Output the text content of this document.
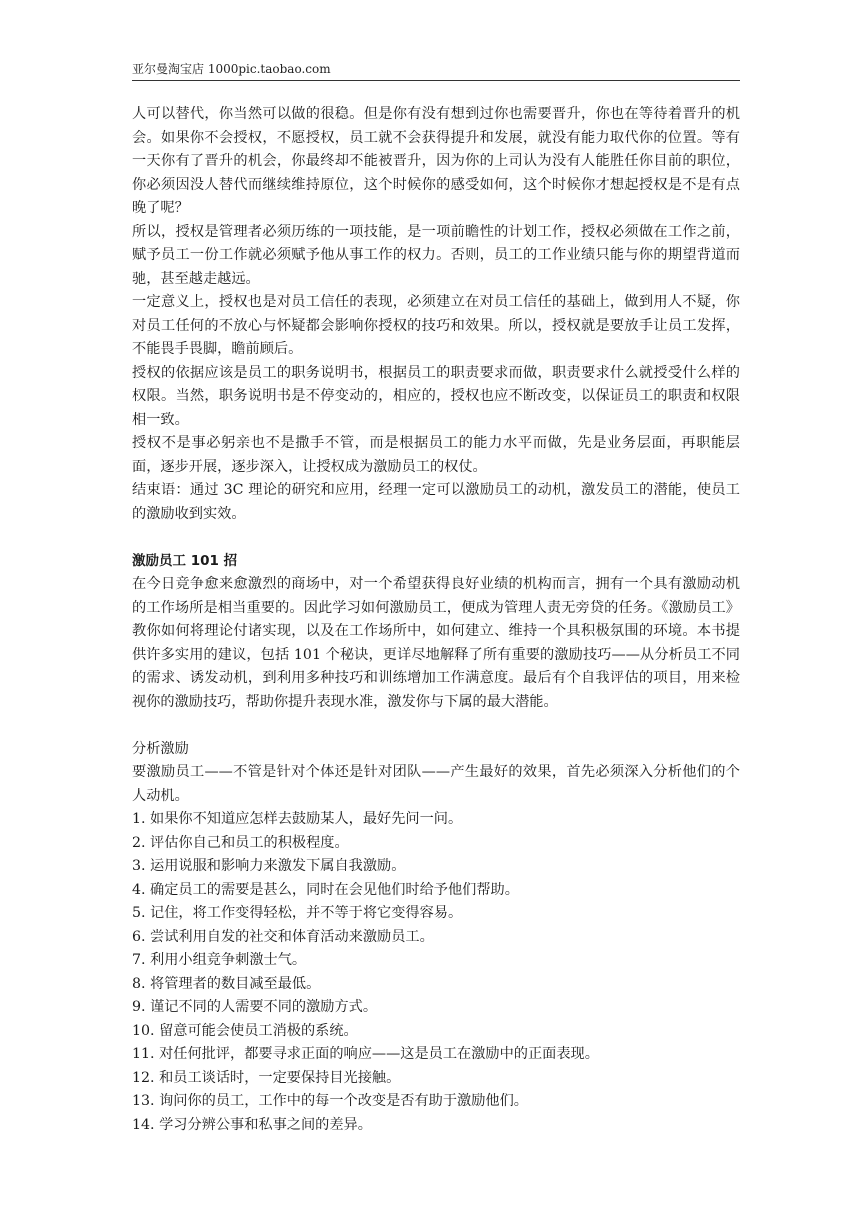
亚尔曼淘宝店 1000pic.taobao.com

人可以替代，你当然可以做的很稳。但是你有没有想到过你也需要晋升，你也在等待着晋升的机会。如果你不会授权，不愿授权，员工就不会获得提升和发展，就没有能力取代你的位置。等有一天你有了晋升的机会，你最终却不能被晋升，因为你的上司认为没有人能胜任你目前的职位，你必须因没人替代而继续维持原位，这个时候你的感受如何，这个时候你才想起授权是不是有点晚了呢？

所以，授权是管理者必须历练的一项技能，是一项前瞻性的计划工作，授权必须做在工作之前，赋予员工一份工作就必须赋予他从事工作的权力。否则，员工的工作业绩只能与你的期望背道而驰，甚至越走越远。

一定意义上，授权也是对员工信任的表现，必须建立在对员工信任的基础上，做到用人不疑，你对员工任何的不放心与怀疑都会影响你授权的技巧和效果。所以，授权就是要放手让员工发挥，不能畏手畏脚，瞻前顾后。

授权的依据应该是员工的职务说明书，根据员工的职责要求而做，职责要求什么就授受什么样的权限。当然，职务说明书是不停变动的，相应的，授权也应不断改变，以保证员工的职责和权限相一致。

授权不是事必躬亲也不是撒手不管，而是根据员工的能力水平而做，先是业务层面，再职能层面，逐步开展，逐步深入，让授权成为激励员工的权仗。

结束语：通过 3C 理论的研究和应用，经理一定可以激励员工的动机，激发员工的潜能，使员工的激励收到实效。

激励员工 101 招

在今日竞争愈来愈激烈的商场中，对一个希望获得良好业绩的机构而言，拥有一个具有激励动机的工作场所是相当重要的。因此学习如何激励员工，便成为管理人责无旁贷的任务。《激励员工》教你如何将理论付诸实现，以及在工作场所中，如何建立、维持一个具积极氛围的环境。本书提供许多实用的建议，包括 101 个秘诀，更详尽地解释了所有重要的激励技巧——从分析员工不同的需求、诱发动机，到利用多种技巧和训练增加工作满意度。最后有个自我评估的项目，用来检视你的激励技巧，帮助你提升表现水准，激发你与下属的最大潜能。

分析激励

要激励员工——不管是针对个体还是针对团队——产生最好的效果，首先必须深入分析他们的个人动机。

1. 如果你不知道应怎样去鼓励某人，最好先问一问。
2. 评估你自己和员工的积极程度。
3. 运用说服和影响力来激发下属自我激励。
4. 确定员工的需要是甚么，同时在会见他们时给予他们帮助。
5. 记住，将工作变得轻松，并不等于将它变得容易。
6. 尝试利用自发的社交和体育活动来激励员工。
7. 利用小组竞争刺激士气。
8. 将管理者的数目减至最低。
9. 谨记不同的人需要不同的激励方式。
10. 留意可能会使员工消极的系统。
11. 对任何批评，都要寻求正面的响应——这是员工在激励中的正面表现。
12. 和员工谈话时，一定要保持目光接触。
13. 询问你的员工，工作中的每一个改变是否有助于激励他们。
14. 学习分辨公事和私事之间的差异。
